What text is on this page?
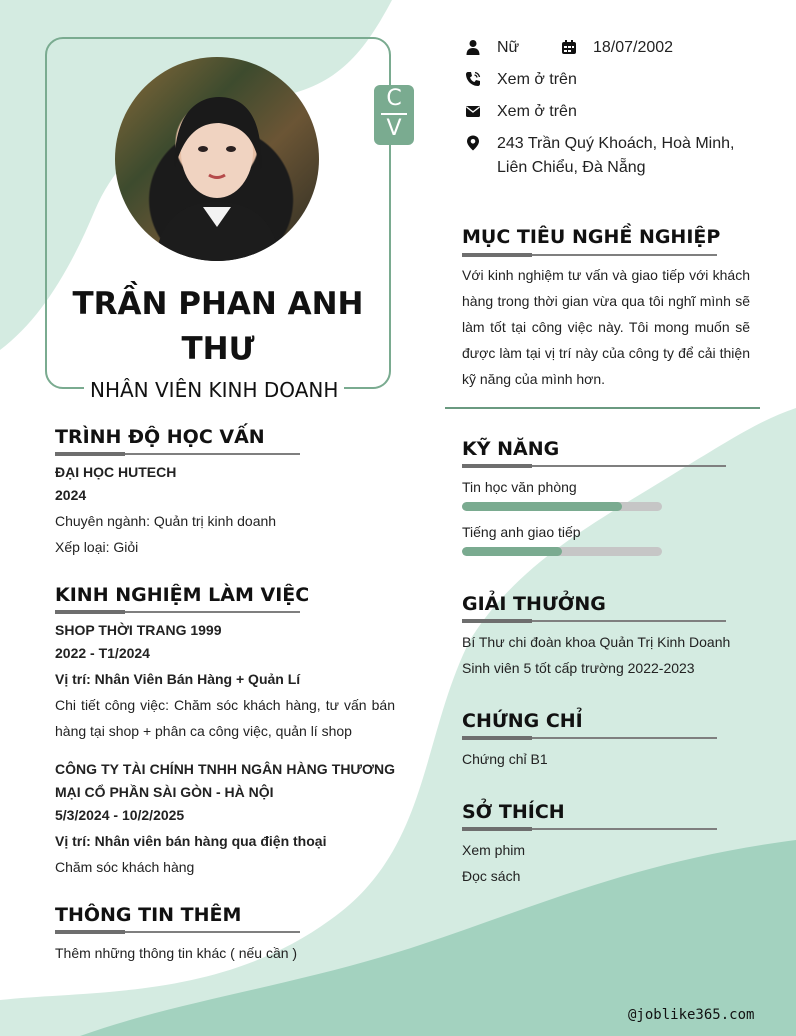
C
V
TRẦN PHAN ANH
THƯ
NHÂN VIÊN KINH DOANH
Nữ	18/07/2002
Xem ở trên
Xem ở trên
243 Trần Quý Khoách, Hoà Minh,
Liên Chiểu, Đà Nẵng
MỤC TIÊU NGHỀ NGHIỆP
Với kinh nghiệm tư vấn và giao tiếp với khách hàng trong thời gian vừa qua tôi nghĩ mình sẽ làm tốt tại công việc này. Tôi mong muốn sẽ được làm tại vị trí này của công ty để cải thiện kỹ năng của mình hơn.
TRÌNH ĐỘ HỌC VẤN
ĐẠI HỌC HUTECH
2024
Chuyên ngành: Quản trị kinh doanh
Xếp loại: Giỏi
KINH NGHIỆM LÀM VIỆC
SHOP THỜI TRANG 1999
2022 - T1/2024
Vị trí: Nhân Viên Bán Hàng + Quản Lí
Chi tiết công việc: Chăm sóc khách hàng, tư vấn bán hàng tại shop + phân ca công việc, quản lí shop
CÔNG TY TÀI CHÍNH TNHH NGÂN HÀNG THƯƠNG MẠI CỔ PHẦN SÀI GÒN - HÀ NỘI
5/3/2024 - 10/2/2025
Vị trí: Nhân viên bán hàng qua điện thoại
Chăm sóc khách hàng
THÔNG TIN THÊM
Thêm những thông tin khác ( nếu cần )
KỸ NĂNG
Tin học văn phòng
Tiếng anh giao tiếp
GIẢI THƯỞNG
Bí Thư chi đoàn khoa Quản Trị Kinh Doanh
Sinh viên 5 tốt cấp trường 2022-2023
CHỨNG CHỈ
Chứng chỉ B1
SỞ THÍCH
Xem phim
Đọc sách
@joblike365.com
